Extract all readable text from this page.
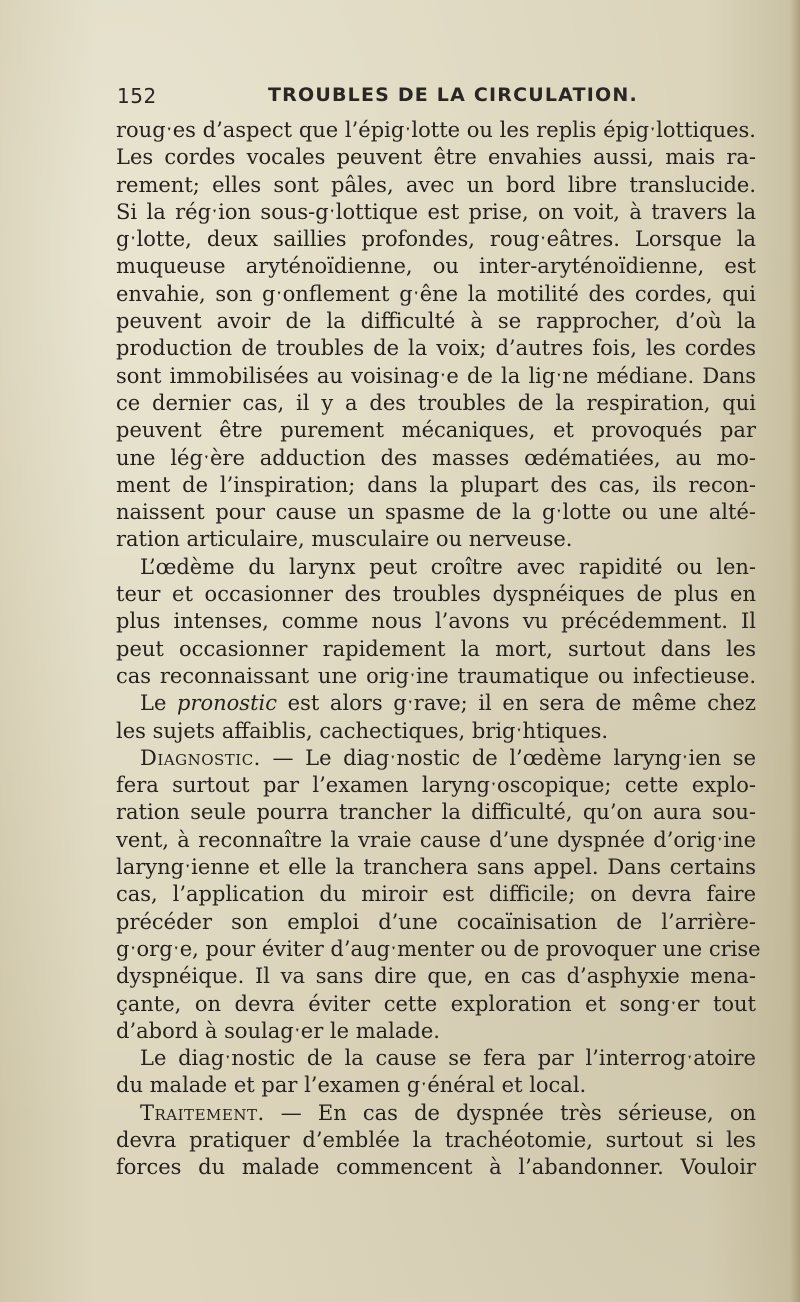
152	TROUBLES DE LA CIRCULATION.
rougˑes d’aspect que l’épigˑlotte ou les replis épigˑlottiques.
Les cordes vocales peuvent être envahies aussi, mais ra-
rement; elles sont pâles, avec un bord libre translucide.
Si la régˑion sous-gˑlottique est prise, on voit, à travers la
gˑlotte, deux saillies profondes, rougˑeâtres. Lorsque la
muqueuse aryténoïdienne, ou inter-aryténoïdienne, est
envahie, son gˑonflement gˑêne la motilité des cordes, qui
peuvent avoir de la difficulté à se rapprocher, d’où la
production de troubles de la voix; d’autres fois, les cordes
sont immobilisées au voisinagˑe de la ligˑne médiane. Dans
ce dernier cas, il y a des troubles de la respiration, qui
peuvent être purement mécaniques, et provoqués par
une légˑère adduction des masses œdématiées, au mo-
ment de l’inspiration; dans la plupart des cas, ils recon-
naissent pour cause un spasme de la gˑlotte ou une alté-
ration articulaire, musculaire ou nerveuse.
L’œdème du larynx peut croître avec rapidité ou len-
teur et occasionner des troubles dyspnéiques de plus en
plus intenses, comme nous l’avons vu précédemment. Il
peut occasionner rapidement la mort, surtout dans les
cas reconnaissant une origˑine traumatique ou infectieuse.
Le pronostic est alors gˑrave; il en sera de même chez
les sujets affaiblis, cachectiques, brigˑhtiques.
Diagnostic. — Le diagˑnostic de l’œdème laryngˑien se
fera surtout par l’examen laryngˑoscopique; cette explo-
ration seule pourra trancher la difficulté, qu’on aura sou-
vent, à reconnaître la vraie cause d’une dyspnée d’origˑine
laryngˑienne et elle la tranchera sans appel. Dans certains
cas, l’application du miroir est difficile; on devra faire
précéder son emploi d’une cocaïnisation de l’arrière-
gˑorgˑe, pour éviter d’augˑmenter ou de provoquer une crise
dyspnéique. Il va sans dire que, en cas d’asphyxie mena-
çante, on devra éviter cette exploration et songˑer tout
d’abord à soulagˑer le malade.
Le diagˑnostic de la cause se fera par l’interrogˑatoire
du malade et par l’examen gˑénéral et local.
Traitement. — En cas de dyspnée très sérieuse, on
devra pratiquer d’emblée la trachéotomie, surtout si les
forces du malade commencent à l’abandonner. Vouloir
